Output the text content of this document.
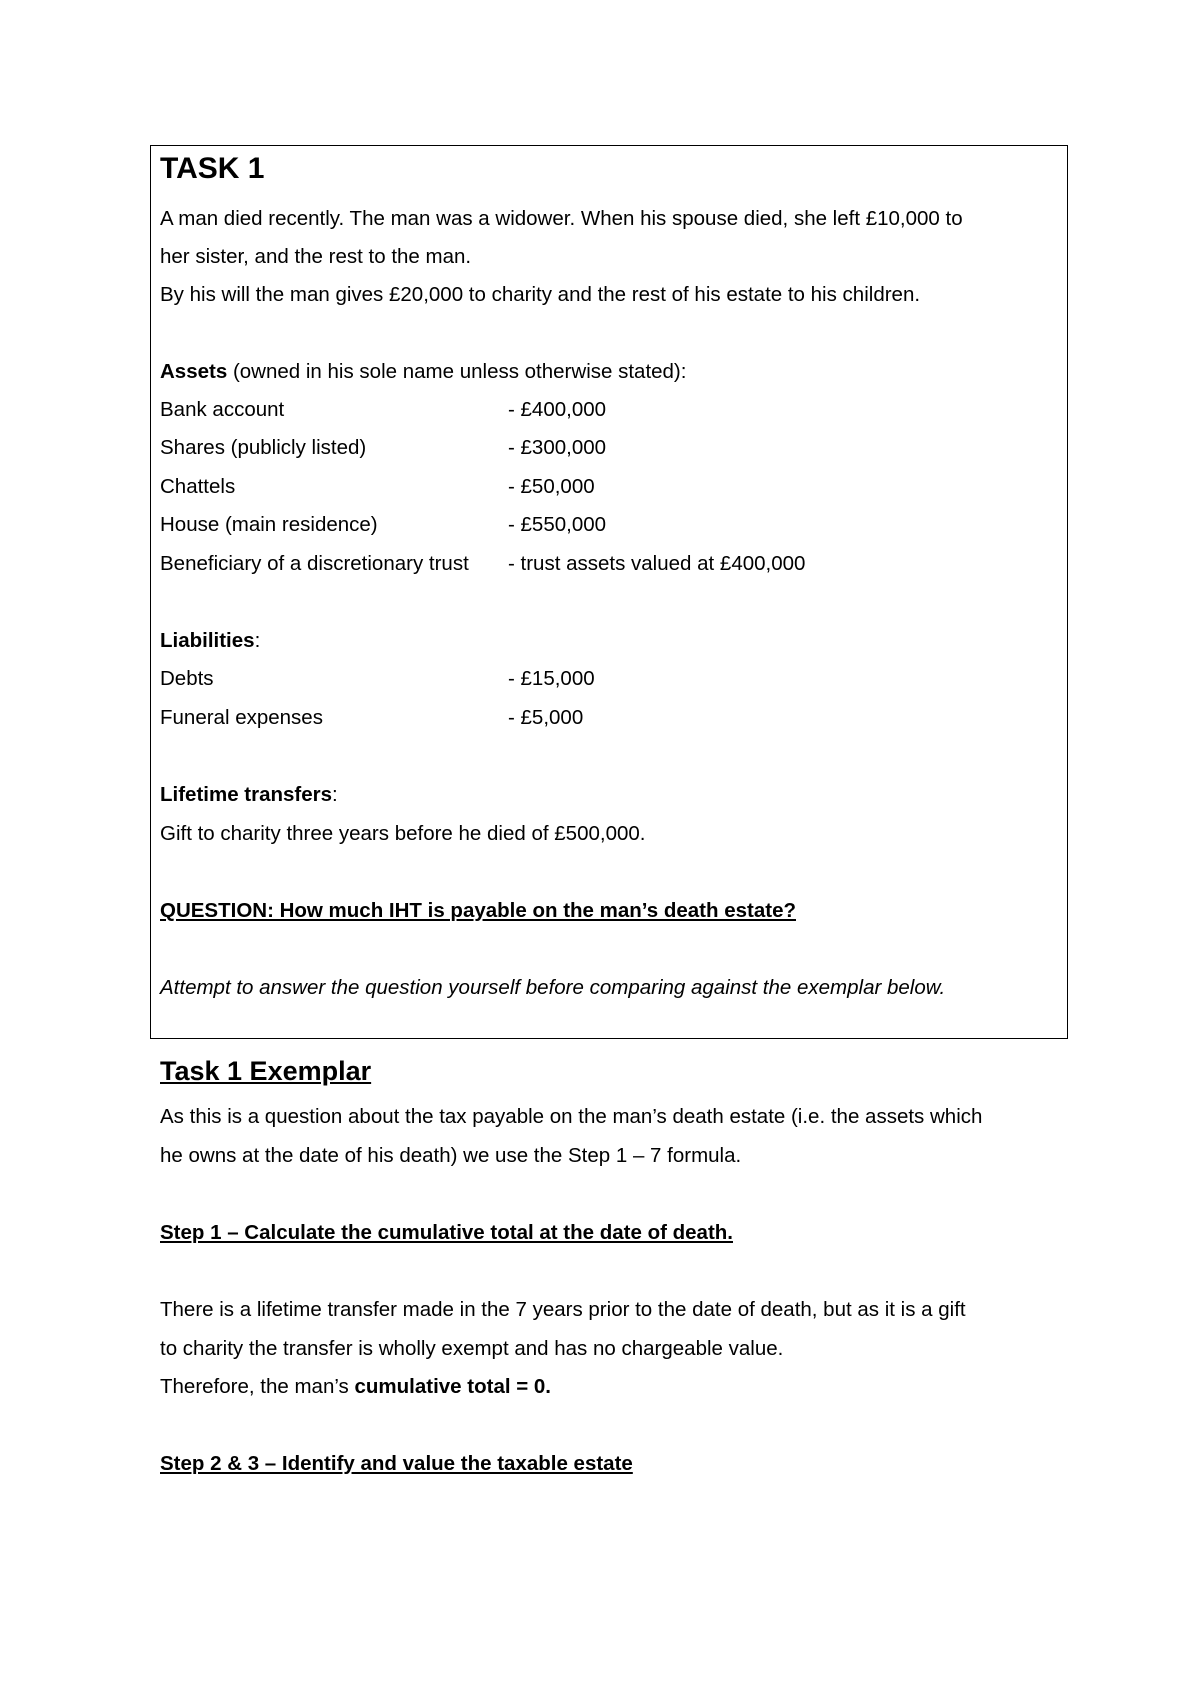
TASK 1
A man died recently. The man was a widower. When his spouse died, she left £10,000 to
her sister, and the rest to the man.
By his will the man gives £20,000 to charity and the rest of his estate to his children.
Assets (owned in his sole name unless otherwise stated):
Bank account	- £400,000
Shares (publicly listed)	- £300,000
Chattels	- £50,000
House (main residence)	- £550,000
Beneficiary of a discretionary trust - trust assets valued at £400,000
Liabilities:
Debts	- £15,000
Funeral expenses	- £5,000
Lifetime transfers:
Gift to charity three years before he died of £500,000.
QUESTION: How much IHT is payable on the man’s death estate?
Attempt to answer the question yourself before comparing against the exemplar below.
Task 1 Exemplar
As this is a question about the tax payable on the man’s death estate (i.e. the assets which
he owns at the date of his death) we use the Step 1 – 7 formula.
Step 1 – Calculate the cumulative total at the date of death.
There is a lifetime transfer made in the 7 years prior to the date of death, but as it is a gift
to charity the transfer is wholly exempt and has no chargeable value.
Therefore, the man’s cumulative total = 0.
Step 2 & 3 – Identify and value the taxable estate
